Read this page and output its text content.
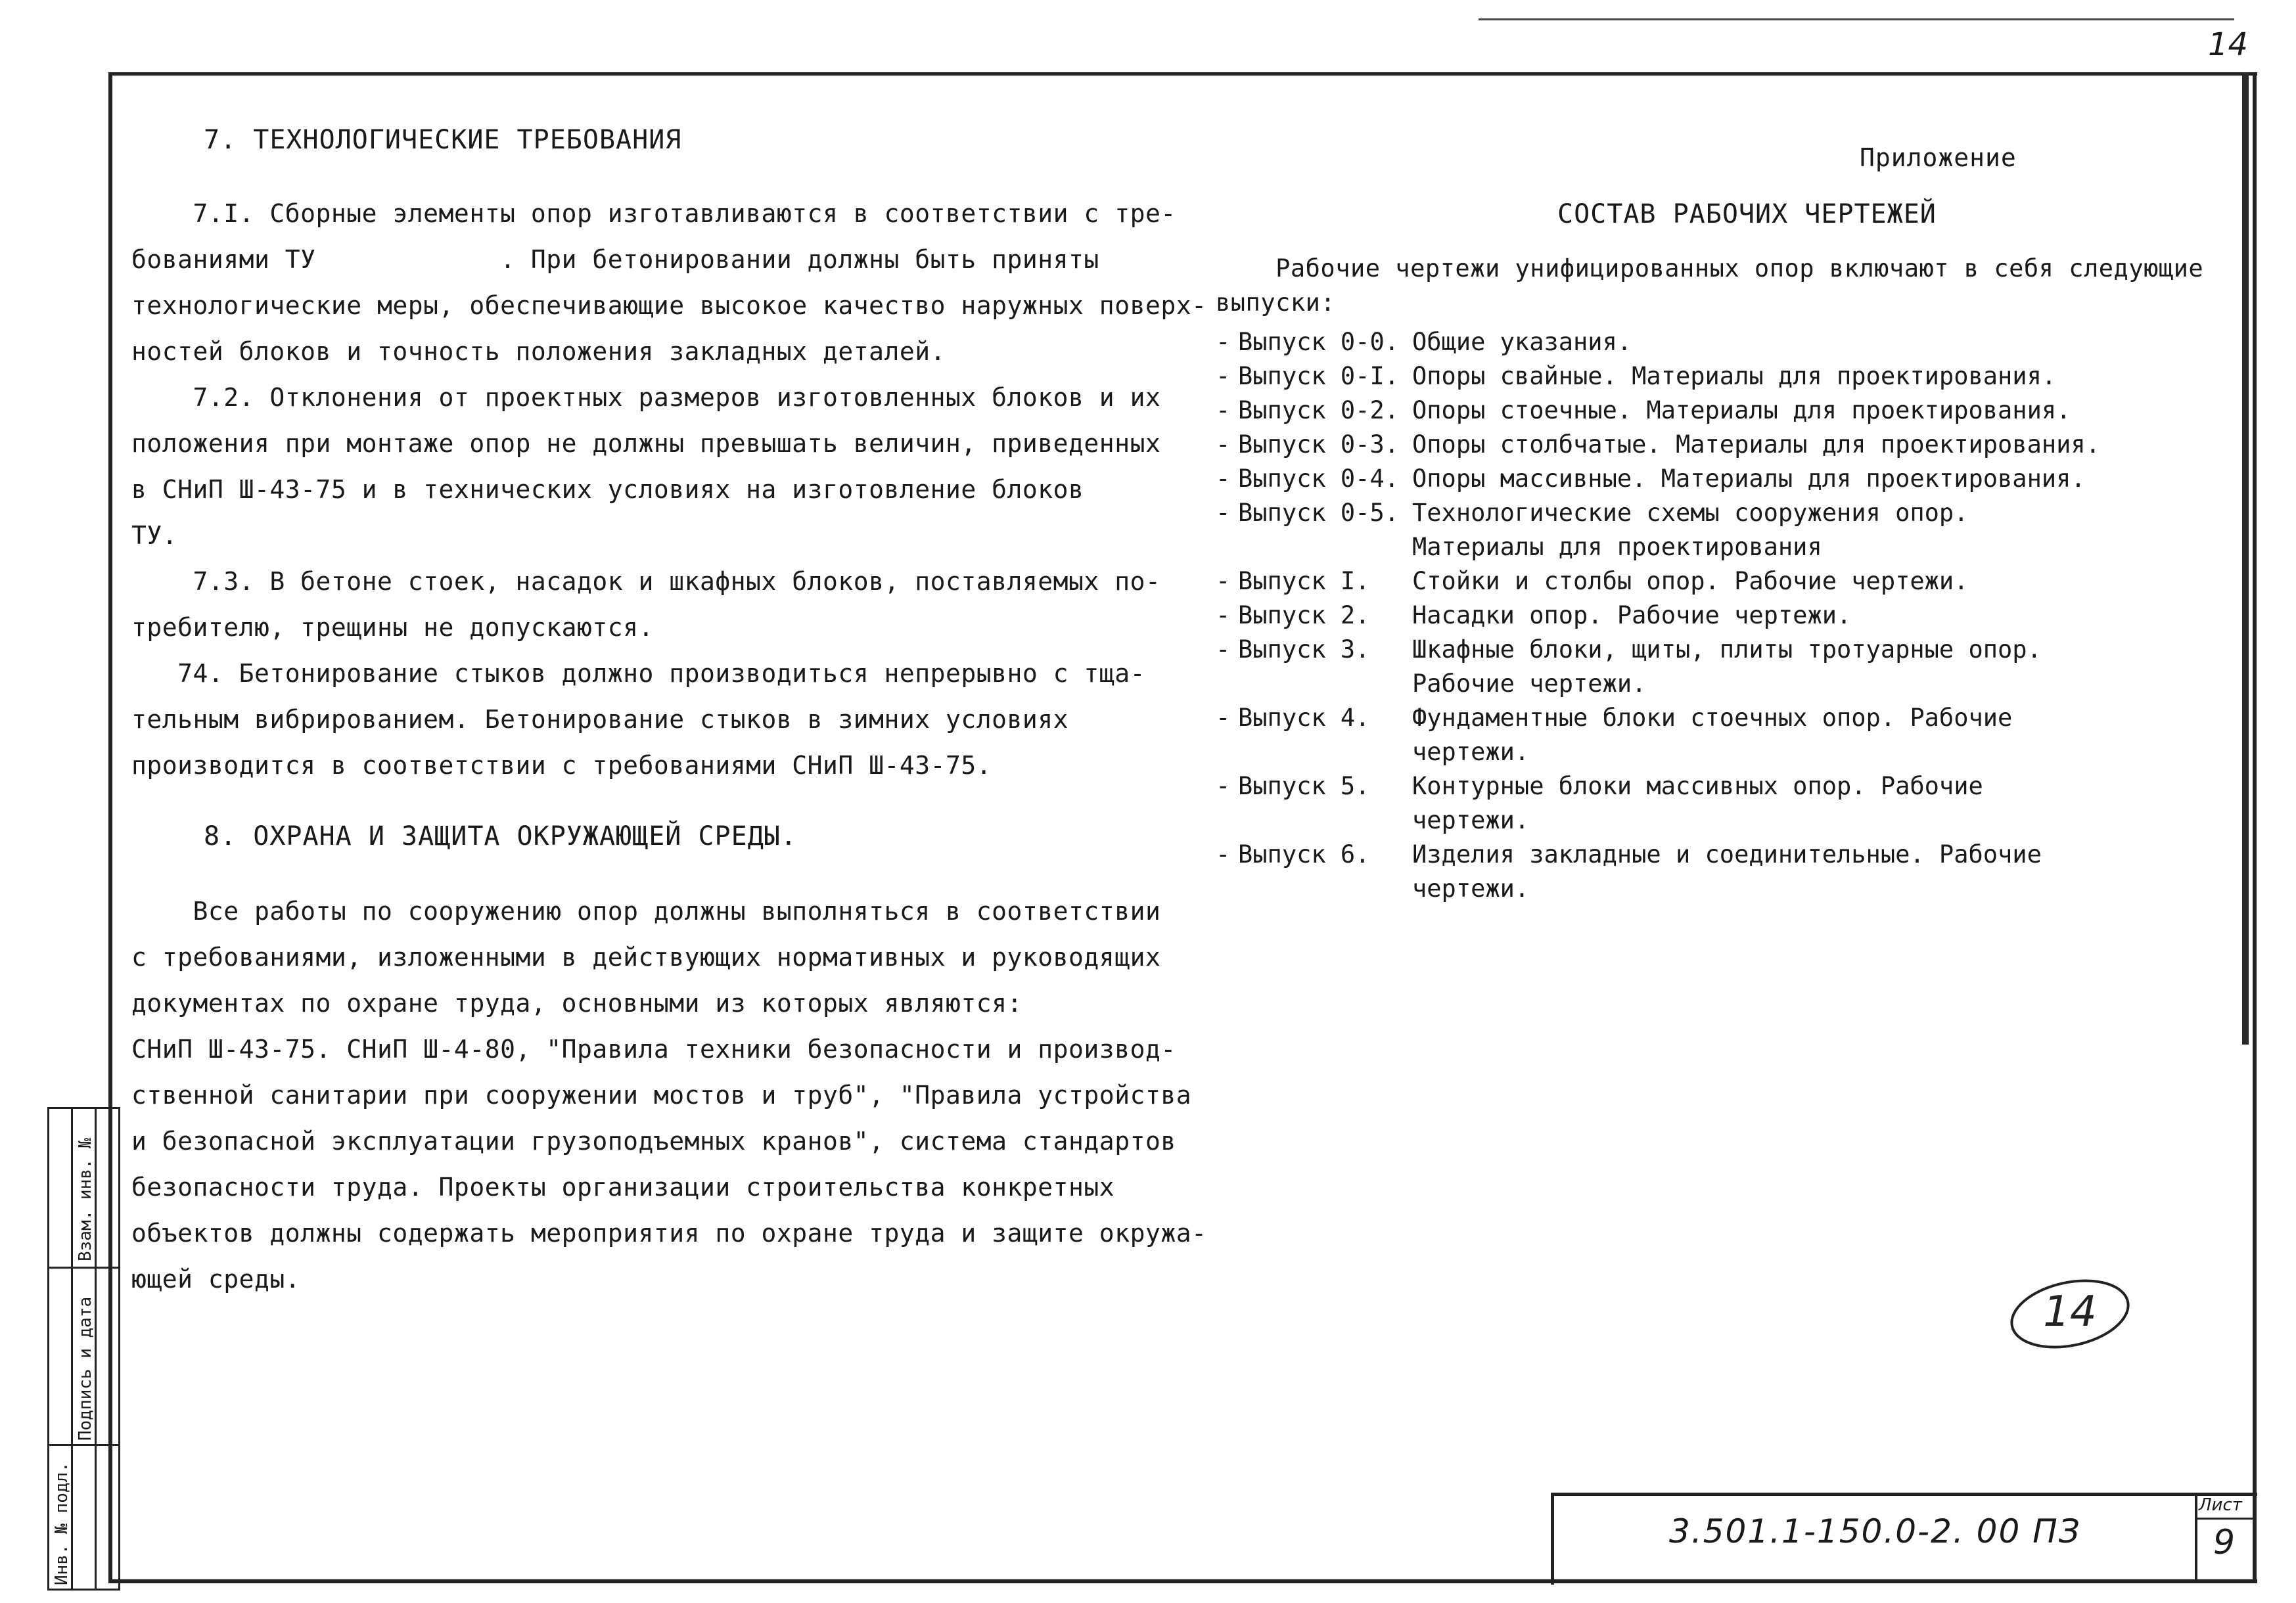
14
7. ТЕХНОЛОГИЧЕСКИЕ ТРЕБОВАНИЯ
7.I. Сборные элементы опор изготавливаются в соответствии с тре-
бованиями ТУ            . При бетонировании должны быть приняты
технологические меры, обеспечивающие высокое качество наружных поверх-
ностей блоков и точность положения закладных деталей.
7.2. Отклонения от проектных размеров изготовленных блоков и их
положения при монтаже опор не должны превышать величин, приведенных
в СНиП Ш-43-75 и в технических условиях на изготовление блоков
ТУ.
7.3. В бетоне стоек, насадок и шкафных блоков, поставляемых по-
требителю, трещины не допускаются.
74. Бетонирование стыков должно производиться непрерывно с тща-
тельным вибрированием. Бетонирование стыков в зимних условиях
производится в соответствии с требованиями СНиП Ш-43-75.
8. ОХРАНА И ЗАЩИТА ОКРУЖАЮЩЕЙ СРЕДЫ.
Все работы по сооружению опор должны выполняться в соответствии
с требованиями, изложенными в действующих нормативных и руководящих
документах по охране труда, основными из которых являются:
СНиП Ш-43-75. СНиП Ш-4-80, "Правила техники безопасности и производ-
ственной санитарии при сооружении мостов и труб", "Правила устройства
и безопасной эксплуатации грузоподъемных кранов", система стандартов
безопасности труда. Проекты организации строительства конкретных
объектов должны содержать мероприятия по охране труда и защите окружа-
ющей среды.
Приложение
СОСТАВ РАБОЧИХ ЧЕРТЕЖЕЙ
Рабочие чертежи унифицированных опор включают в себя следующие
выпуски:
- Выпуск 0-0. Общие указания.
- Выпуск 0-I. Опоры свайные. Материалы для проектирования.
- Выпуск 0-2. Опоры стоечные. Материалы для проектирования.
- Выпуск 0-3. Опоры столбчатые. Материалы для проектирования.
- Выпуск 0-4. Опоры массивные. Материалы для проектирования.
- Выпуск 0-5. Технологические схемы сооружения опор. Материалы для проектирования
- Выпуск I.	Стойки и столбы опор. Рабочие чертежи.
- Выпуск 2.	Насадки опор. Рабочие чертежи.
- Выпуск 3.	Шкафные блоки, щиты, плиты тротуарные опор. Рабочие чертежи.
- Выпуск 4.	Фундаментные блоки стоечных опор. Рабочие чертежи.
- Выпуск 5.	Контурные блоки массивных опор. Рабочие чертежи.
- Выпуск 6.	Изделия закладные и соединительные. Рабочие чертежи.
Инв. № подл.
Подпись и дата
Взам. инв. №
14
3.501.1-150.0-2. 00 ПЗ
Лист
9
